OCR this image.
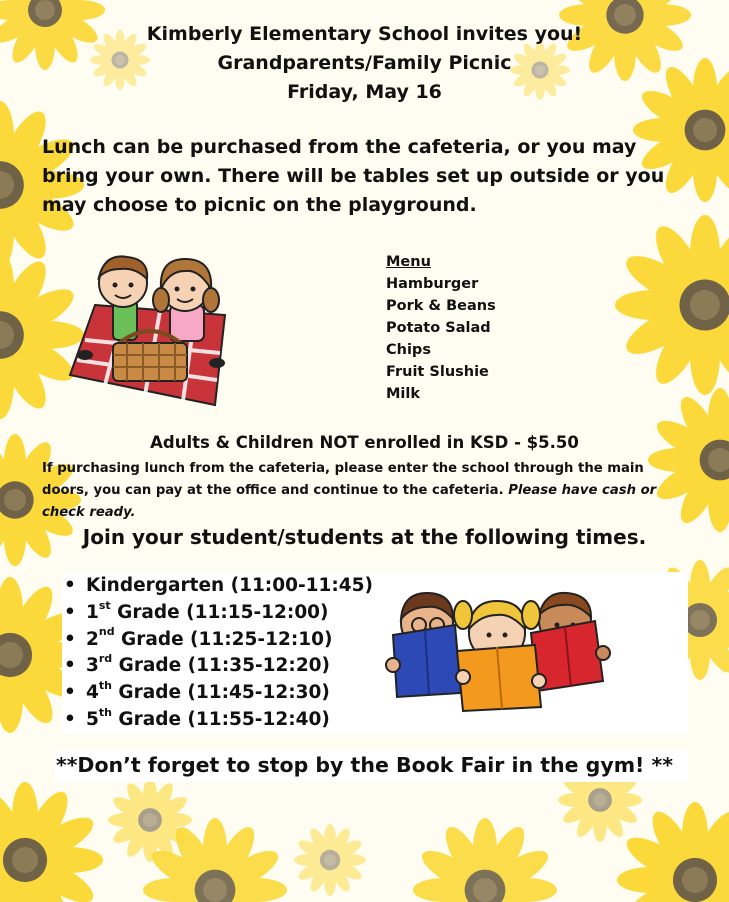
Kimberly Elementary School invites you!
Grandparents/Family Picnic
Friday, May 16
Lunch can be purchased from the cafeteria, or you may bring your own. There will be tables set up outside or you may choose to picnic on the playground.
Menu
Hamburger
Pork & Beans
Potato Salad
Chips
Fruit Slushie
Milk
Adults & Children NOT enrolled in KSD - $5.50
If purchasing lunch from the cafeteria, please enter the school through the main doors, you can pay at the office and continue to the cafeteria. Please have cash or check ready.
Join your student/students at the following times.
• Kindergarten (11:00-11:45)
• 1st Grade (11:15-12:00)
• 2nd Grade (11:25-12:10)
• 3rd Grade (11:35-12:20)
• 4th Grade (11:45-12:30)
• 5th Grade (11:55-12:40)
**Don’t forget to stop by the Book Fair in the gym! **
